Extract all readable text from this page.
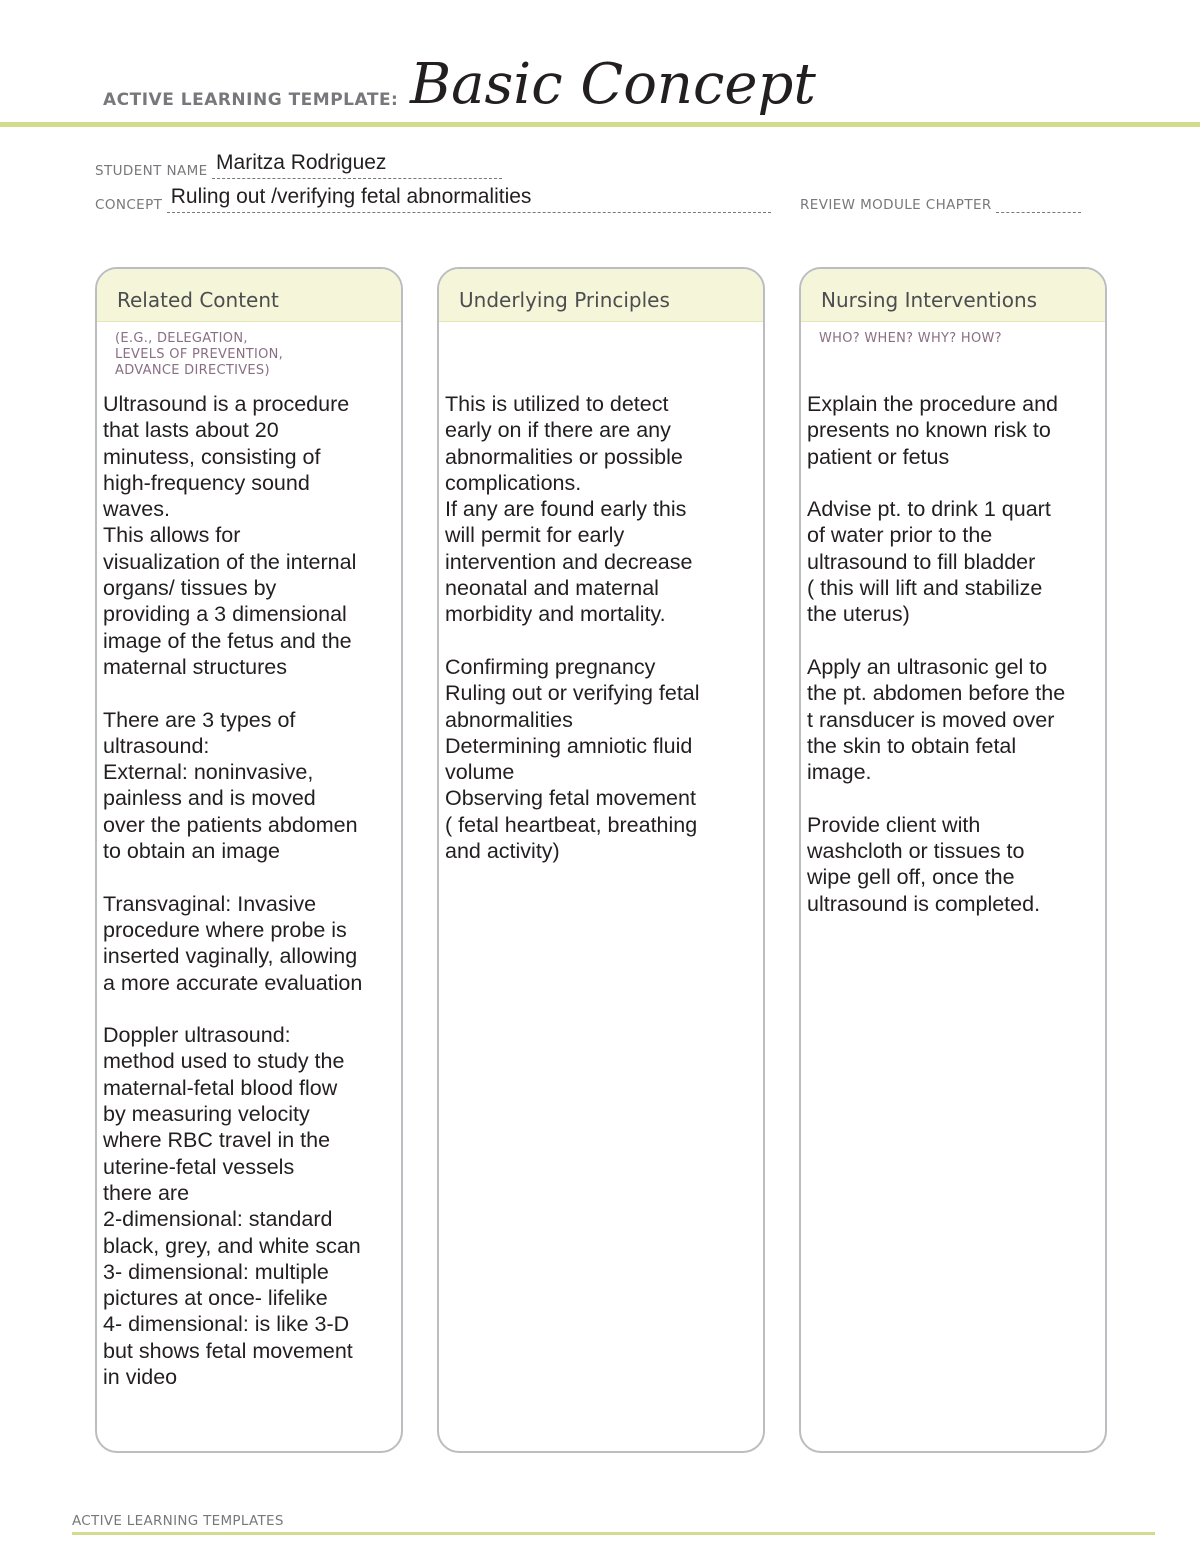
ACTIVE LEARNING TEMPLATE: Basic Concept
STUDENT NAME Maritza Rodriguez
CONCEPT Ruling out /verifying fetal abnormalities	REVIEW MODULE CHAPTER
Related Content
(E.G., DELEGATION,
LEVELS OF PREVENTION,
ADVANCE DIRECTIVES)
Ultrasound is a procedure
that lasts about 20
minutess, consisting of
high-frequency sound
waves.
This allows for
visualization of the internal
organs/ tissues by
providing a 3 dimensional
image of the fetus and the
maternal structures

There are 3 types of
ultrasound:
External: noninvasive,
painless and is moved
over the patients abdomen
to obtain an image

Transvaginal: Invasive
procedure where probe is
inserted vaginally, allowing
a more accurate evaluation

Doppler ultrasound:
method used to study the
maternal-fetal blood flow
by measuring velocity
where RBC travel in the
uterine-fetal vessels
there are
2-dimensional: standard
black, grey, and white scan
3- dimensional: multiple
pictures at once- lifelike
4- dimensional: is like 3-D
but shows fetal movement
in video
Underlying Principles
This is utilized to detect
early on if there are any
abnormalities or possible
complications.
If any are found early this
will permit for early
intervention and decrease
neonatal and maternal
morbidity and mortality.

Confirming pregnancy
Ruling out or verifying fetal
abnormalities
Determining amniotic fluid
volume
Observing fetal movement
( fetal heartbeat, breathing
and activity)
Nursing Interventions
WHO? WHEN? WHY? HOW?
Explain the procedure and
presents no known risk to
patient or fetus

Advise pt. to drink 1 quart
of water prior to the
ultrasound to fill bladder
( this will lift and stabilize
the uterus)

Apply an ultrasonic gel to
the pt. abdomen before the
t ransducer is moved over
the skin to obtain fetal
image.

Provide client with
washcloth or tissues to
wipe gell off, once the
ultrasound is completed.
ACTIVE LEARNING TEMPLATES
